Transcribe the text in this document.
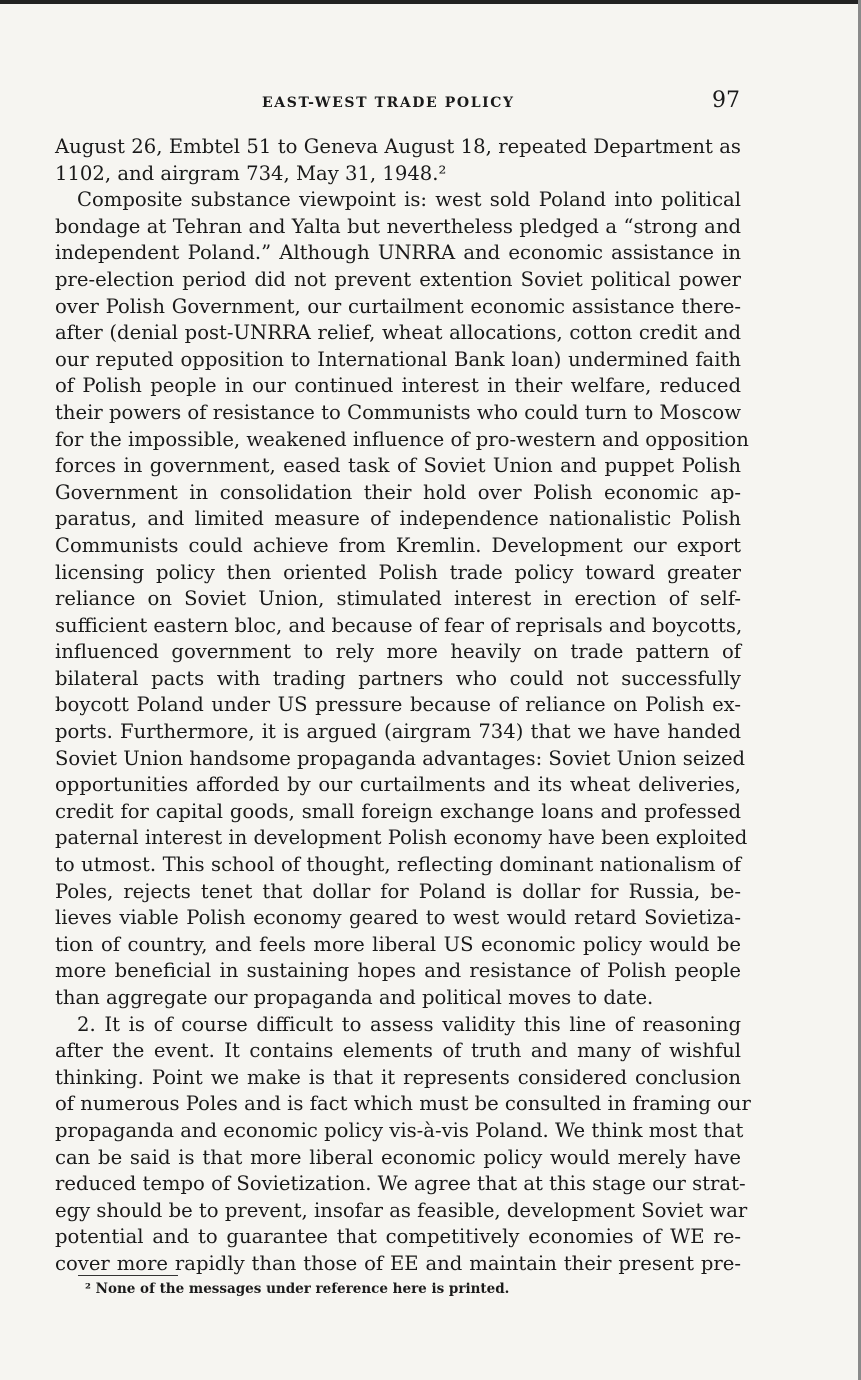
EAST-WEST TRADE POLICY	97
August 26, Embtel 51 to Geneva August 18, repeated Department as
1102, and airgram 734, May 31, 1948.²
Composite substance viewpoint is: west sold Poland into political
bondage at Tehran and Yalta but nevertheless pledged a “strong and
independent Poland.” Although UNRRA and economic assistance in
pre-election period did not prevent extention Soviet political power
over Polish Government, our curtailment economic assistance there-
after (denial post-UNRRA relief, wheat allocations, cotton credit and
our reputed opposition to International Bank loan) undermined faith
of Polish people in our continued interest in their welfare, reduced
their powers of resistance to Communists who could turn to Moscow
for the impossible, weakened influence of pro-western and opposition
forces in government, eased task of Soviet Union and puppet Polish
Government in consolidation their hold over Polish economic ap-
paratus, and limited measure of independence nationalistic Polish
Communists could achieve from Kremlin. Development our export
licensing policy then oriented Polish trade policy toward greater
reliance on Soviet Union, stimulated interest in erection of self-
sufficient eastern bloc, and because of fear of reprisals and boycotts,
influenced government to rely more heavily on trade pattern of
bilateral pacts with trading partners who could not successfully
boycott Poland under US pressure because of reliance on Polish ex-
ports. Furthermore, it is argued (airgram 734) that we have handed
Soviet Union handsome propaganda advantages: Soviet Union seized
opportunities afforded by our curtailments and its wheat deliveries,
credit for capital goods, small foreign exchange loans and professed
paternal interest in development Polish economy have been exploited
to utmost. This school of thought, reflecting dominant nationalism of
Poles, rejects tenet that dollar for Poland is dollar for Russia, be-
lieves viable Polish economy geared to west would retard Sovietiza-
tion of country, and feels more liberal US economic policy would be
more beneficial in sustaining hopes and resistance of Polish people
than aggregate our propaganda and political moves to date.
2. It is of course difficult to assess validity this line of reasoning
after the event. It contains elements of truth and many of wishful
thinking. Point we make is that it represents considered conclusion
of numerous Poles and is fact which must be consulted in framing our
propaganda and economic policy vis-à-vis Poland. We think most that
can be said is that more liberal economic policy would merely have
reduced tempo of Sovietization. We agree that at this stage our strat-
egy should be to prevent, insofar as feasible, development Soviet war
potential and to guarantee that competitively economies of WE re-
cover more rapidly than those of EE and maintain their present pre-
² None of the messages under reference here is printed.
